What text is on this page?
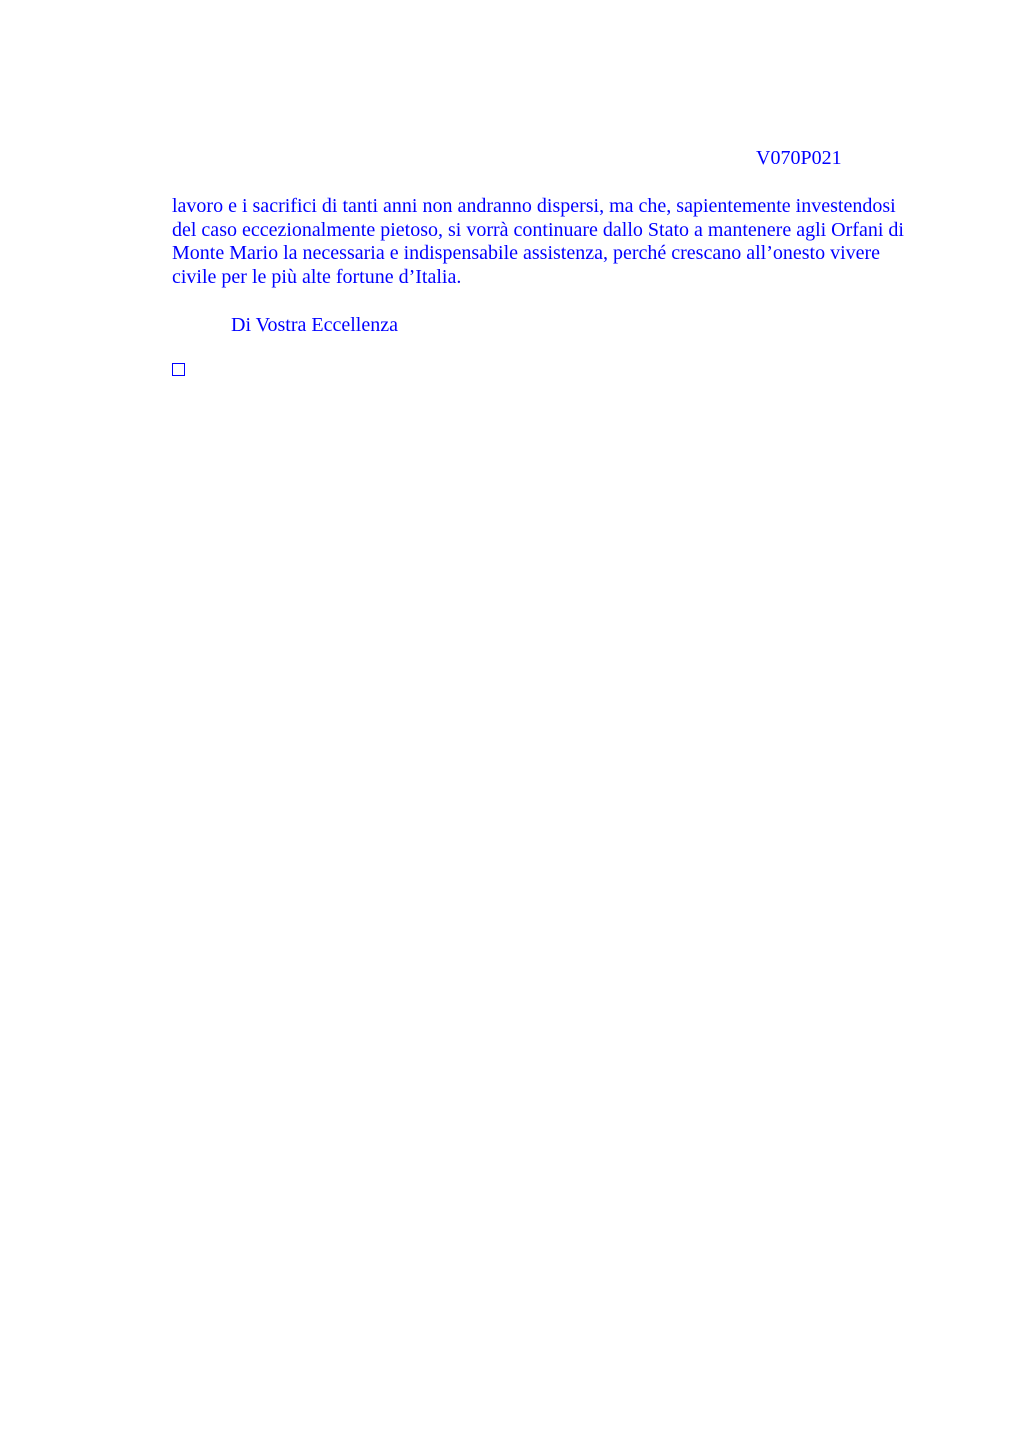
V070P021
lavoro e i sacrifici di tanti anni non andranno dispersi, ma che, sapientemente investendosi
del caso eccezionalmente pietoso, si vorrà continuare dallo Stato a mantenere agli Orfani di
Monte Mario la necessaria e indispensabile assistenza, perché crescano all’onesto vivere
civile per le più alte fortune d’Italia.
Di Vostra Eccellenza
